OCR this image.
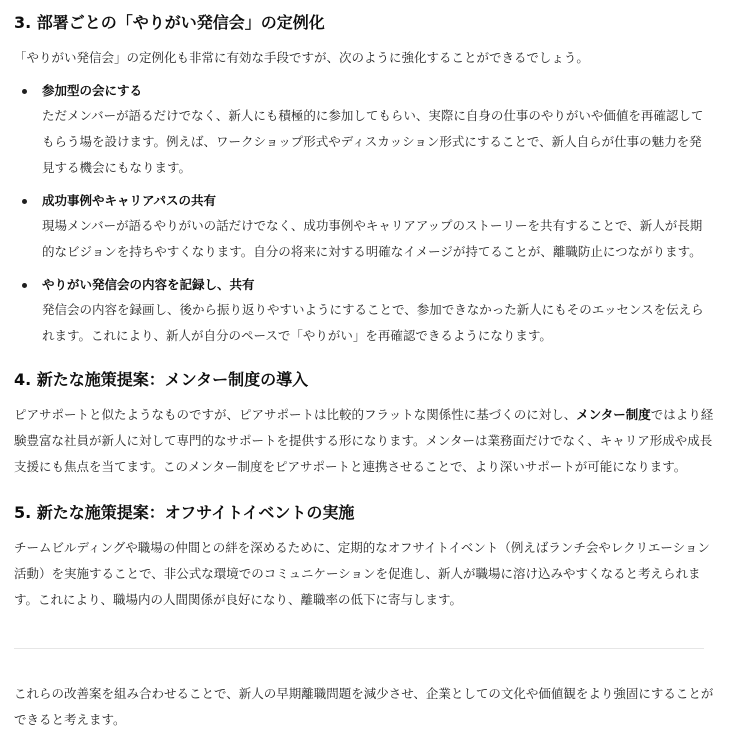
3. 部署ごとの「やりがい発信会」の定例化

「やりがい発信会」の定例化も非常に有効な手段ですが、次のように強化することができるでしょう。

参加型の会にする
ただメンバーが語るだけでなく、新人にも積極的に参加してもらい、実際に自身の仕事のやりがいや価値を再確認してもらう場を設けます。例えば、ワークショップ形式やディスカッション形式にすることで、新人自らが仕事の魅力を発見する機会にもなります。
成功事例やキャリアパスの共有
現場メンバーが語るやりがいの話だけでなく、成功事例やキャリアアップのストーリーを共有することで、新人が長期的なビジョンを持ちやすくなります。自分の将来に対する明確なイメージが持てることが、離職防止につながります。
やりがい発信会の内容を記録し、共有
発信会の内容を録画し、後から振り返りやすいようにすることで、参加できなかった新人にもそのエッセンスを伝えられます。これにより、新人が自分のペースで「やりがい」を再確認できるようになります。
4. 新たな施策提案：メンター制度の導入

ピアサポートと似たようなものですが、ピアサポートは比較的フラットな関係性に基づくのに対し、メンター制度ではより経験豊富な社員が新人に対して専門的なサポートを提供する形になります。メンターは業務面だけでなく、キャリア形成や成長支援にも焦点を当てます。このメンター制度をピアサポートと連携させることで、より深いサポートが可能になります。

5. 新たな施策提案：オフサイトイベントの実施

チームビルディングや職場の仲間との絆を深めるために、定期的なオフサイトイベント（例えばランチ会やレクリエーション活動）を実施することで、非公式な環境でのコミュニケーションを促進し、新人が職場に溶け込みやすくなると考えられます。これにより、職場内の人間関係が良好になり、離職率の低下に寄与します。

これらの改善案を組み合わせることで、新人の早期離職問題を減少させ、企業としての文化や価値観をより強固にすることができると考えます。
